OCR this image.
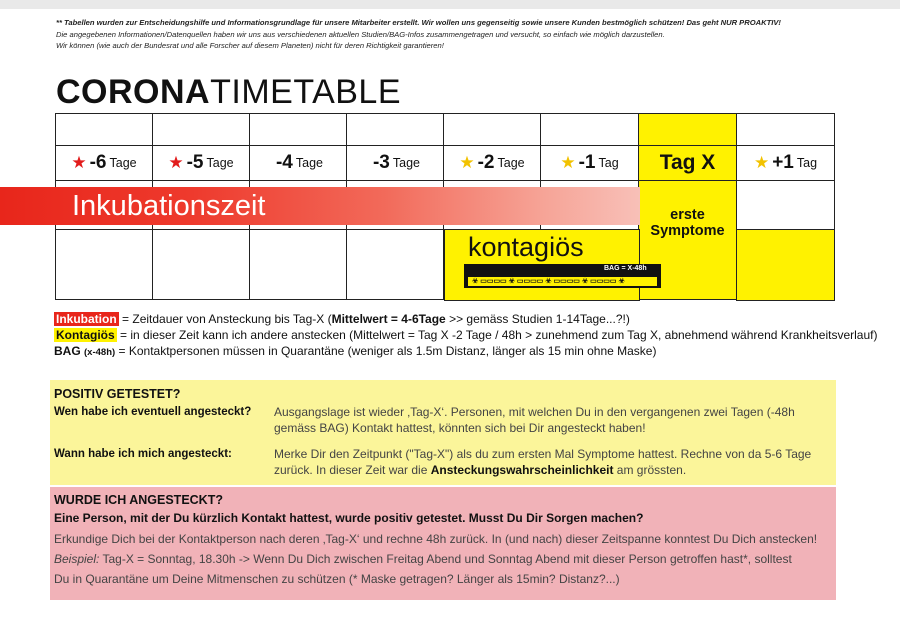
** Tabellen wurden zur Entscheidungshilfe und Informationsgrundlage für unsere Mitarbeiter erstellt. Wir wollen uns gegenseitig sowie unsere Kunden bestmöglich schützen! Das geht NUR PROAKTIV!
Die angegebenen Informationen/Datenquellen haben wir uns aus verschiedenen aktuellen Studien/BAG-Infos zusammengetragen und versucht, so einfach wie möglich darzustellen.
Wir können (wie auch der Bundesrat und alle Forscher auf diesem Planeten) nicht für deren Richtigkeit garantieren!
CORONATIMETABLE
★ -6 Tage ★ -5 Tage -4 Tage	-3 Tage ★ -2 Tage ★ -1 Tag Tag X ★ +1 Tag
Inkubationszeit	erste
Symptome
kontagiös
BAG = X-48h
☣ ▭▭▭▭ ☣ ▭▭▭▭ ☣ ▭▭▭▭ ☣ ▭▭▭▭ ☣
Inkubation = Zeitdauer von Ansteckung bis Tag-X (Mittelwert = 4-6Tage >> gemäss Studien 1-14Tage...?!)
Kontagiös = in dieser Zeit kann ich andere anstecken (Mittelwert = Tag X -2 Tage / 48h > zunehmend zum Tag X, abnehmend während Krankheitsverlauf)
BAG (x-48h) = Kontaktpersonen müssen in Quarantäne (weniger als 1.5m Distanz, länger als 15 min ohne Maske)
POSITIV GETESTET?
Wen habe ich eventuell angesteckt? Ausgangslage ist wieder ‚Tag-X‘. Personen, mit welchen Du in den vergangenen zwei Tagen (-48h
gemäss BAG) Kontakt hattest, könnten sich bei Dir angesteckt haben!
Wann habe ich mich angesteckt:	Merke Dir den Zeitpunkt ("Tag-X") als du zum ersten Mal Symptome hattest. Rechne von da 5-6 Tage
zurück. In dieser Zeit war die Ansteckungswahrscheinlichkeit am grössten.
WURDE ICH ANGESTECKT?
Eine Person, mit der Du kürzlich Kontakt hattest, wurde positiv getestet. Musst Du Dir Sorgen machen?
Erkundige Dich bei der Kontaktperson nach deren ‚Tag-X‘ und rechne 48h zurück. In (und nach) dieser Zeitspanne konntest Du Dich anstecken!
Beispiel: Tag-X = Sonntag, 18.30h -> Wenn Du Dich zwischen Freitag Abend und Sonntag Abend mit dieser Person getroffen hast*, solltest
Du in Quarantäne um Deine Mitmenschen zu schützen (* Maske getragen? Länger als 15min? Distanz?...)
